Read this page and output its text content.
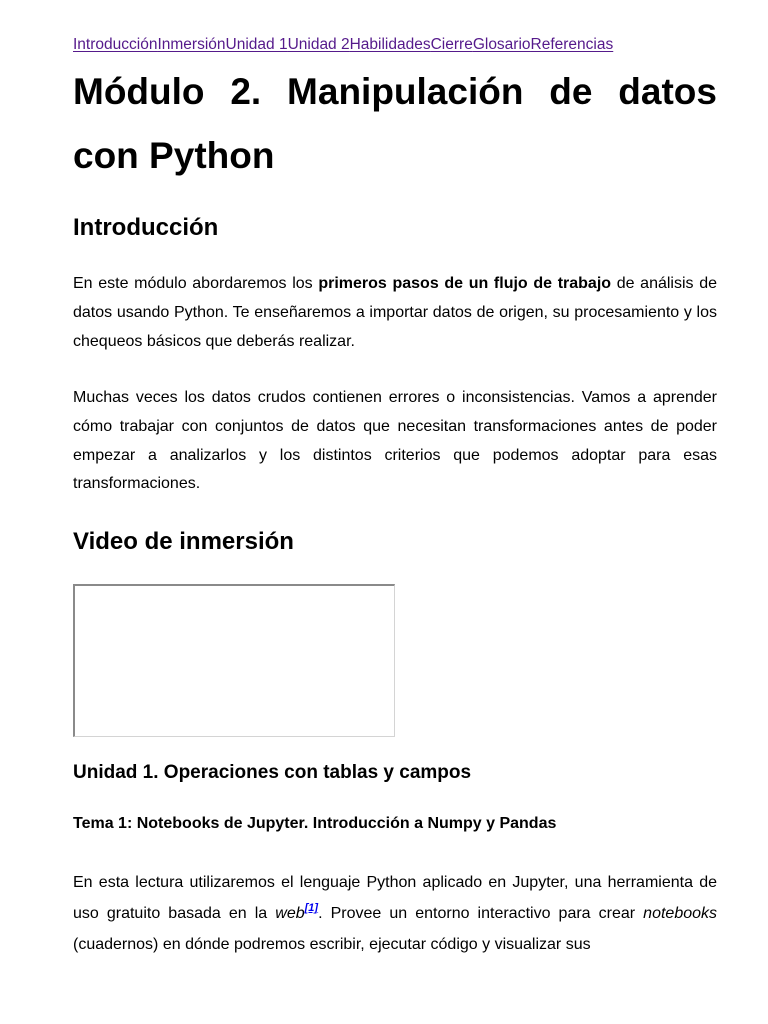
IntroducciónInmersiónUnidad 1Unidad 2HabilidadesCierreGlosarioReferencias
Módulo 2. Manipulación de datos con Python
Introducción

En este módulo abordaremos los primeros pasos de un flujo de trabajo de análisis de datos usando Python. Te enseñaremos a importar datos de origen, su procesamiento y los chequeos básicos que deberás realizar.

Muchas veces los datos crudos contienen errores o inconsistencias. Vamos a aprender cómo trabajar con conjuntos de datos que necesitan transformaciones antes de poder empezar a analizarlos y los distintos criterios que podemos adoptar para esas transformaciones.

Video de inmersión
Unidad 1. Operaciones con tablas y campos
Tema 1: Notebooks de Jupyter. Introducción a Numpy y Pandas

En esta lectura utilizaremos el lenguaje Python aplicado en Jupyter, una herramienta de uso gratuito basada en la web[1]. Provee un entorno interactivo para crear notebooks (cuadernos) en dónde podremos escribir, ejecutar código y visualizar sus
